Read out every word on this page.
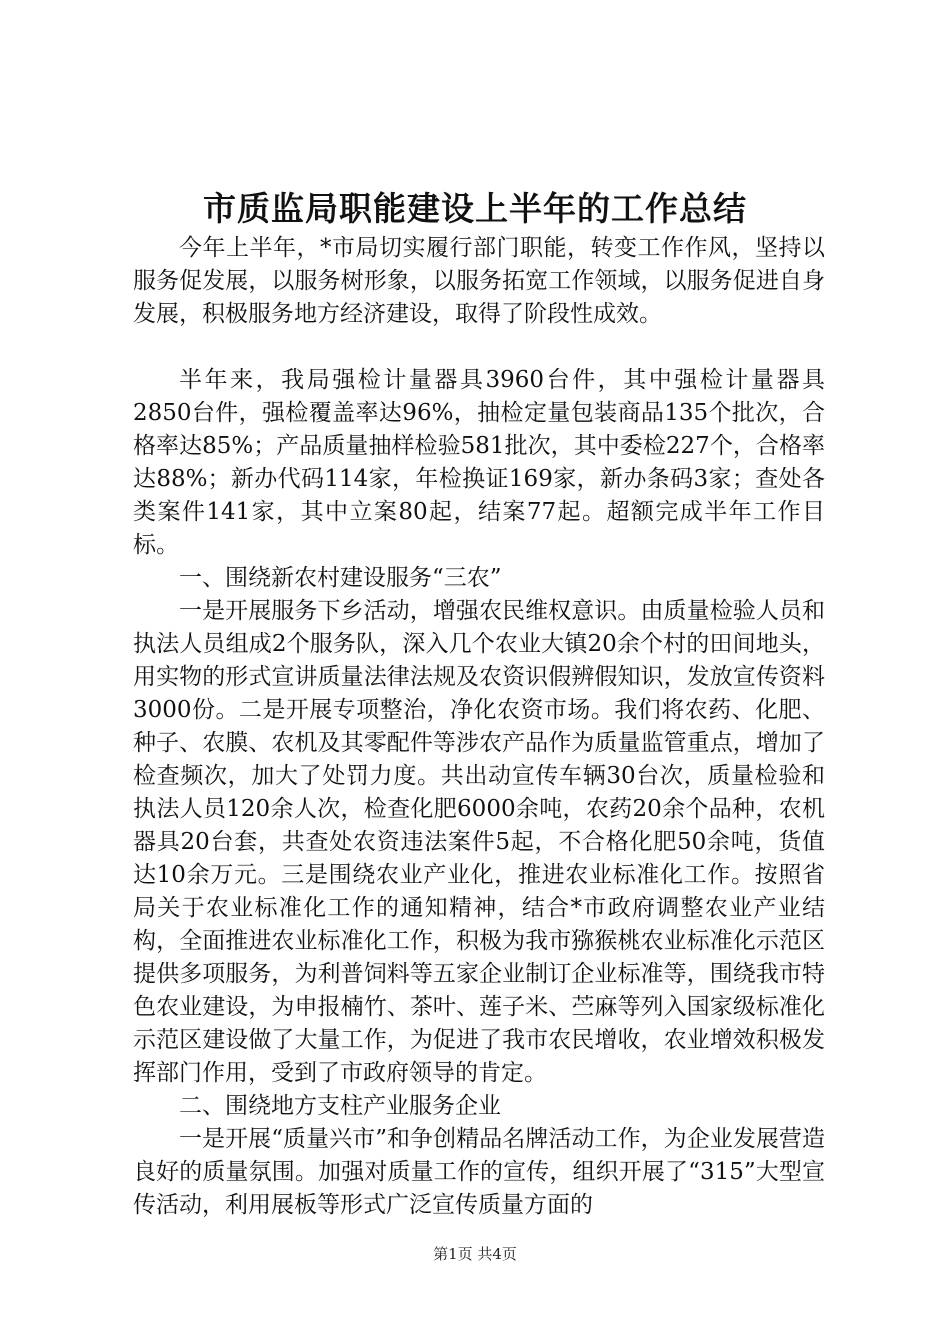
市质监局职能建设上半年的工作总结

今年上半年，*市局切实履行部门职能，转变工作作风，坚持以服务促发展，以服务树形象，以服务拓宽工作领域，以服务促进自身发展，积极服务地方经济建设，取得了阶段性成效。

半年来，我局强检计量器具3960台件，其中强检计量器具2850台件，强检覆盖率达96%，抽检定量包装商品135个批次，合格率达85%；产品质量抽样检验581批次，其中委检227个，合格率达88%；新办代码114家，年检换证169家，新办条码3家；查处各类案件141家，其中立案80起，结案77起。超额完成半年工作目标。

一、围绕新农村建设服务“三农”

一是开展服务下乡活动，增强农民维权意识。由质量检验人员和执法人员组成2个服务队，深入几个农业大镇20余个村的田间地头，用实物的形式宣讲质量法律法规及农资识假辨假知识，发放宣传资料3000份。二是开展专项整治，净化农资市场。我们将农药、化肥、种子、农膜、农机及其零配件等涉农产品作为质量监管重点，增加了检查频次，加大了处罚力度。共出动宣传车辆30台次，质量检验和执法人员120余人次，检查化肥6000余吨，农药20余个品种，农机器具20台套，共查处农资违法案件5起，不合格化肥50余吨，货值达10余万元。三是围绕农业产业化，推进农业标准化工作。按照省局关于农业标准化工作的通知精神，结合*市政府调整农业产业结构，全面推进农业标准化工作，积极为我市猕猴桃农业标准化示范区提供多项服务，为利普饲料等五家企业制订企业标准等，围绕我市特色农业建设，为申报楠竹、茶叶、莲子米、苎麻等列入国家级标准化示范区建设做了大量工作，为促进了我市农民增收，农业增效积极发挥部门作用，受到了市政府领导的肯定。

二、围绕地方支柱产业服务企业

一是开展“质量兴市”和争创精品名牌活动工作，为企业发展营造良好的质量氛围。加强对质量工作的宣传，组织开展了“315”大型宣传活动，利用展板等形式广泛宣传质量方面的

第1页 共4页
